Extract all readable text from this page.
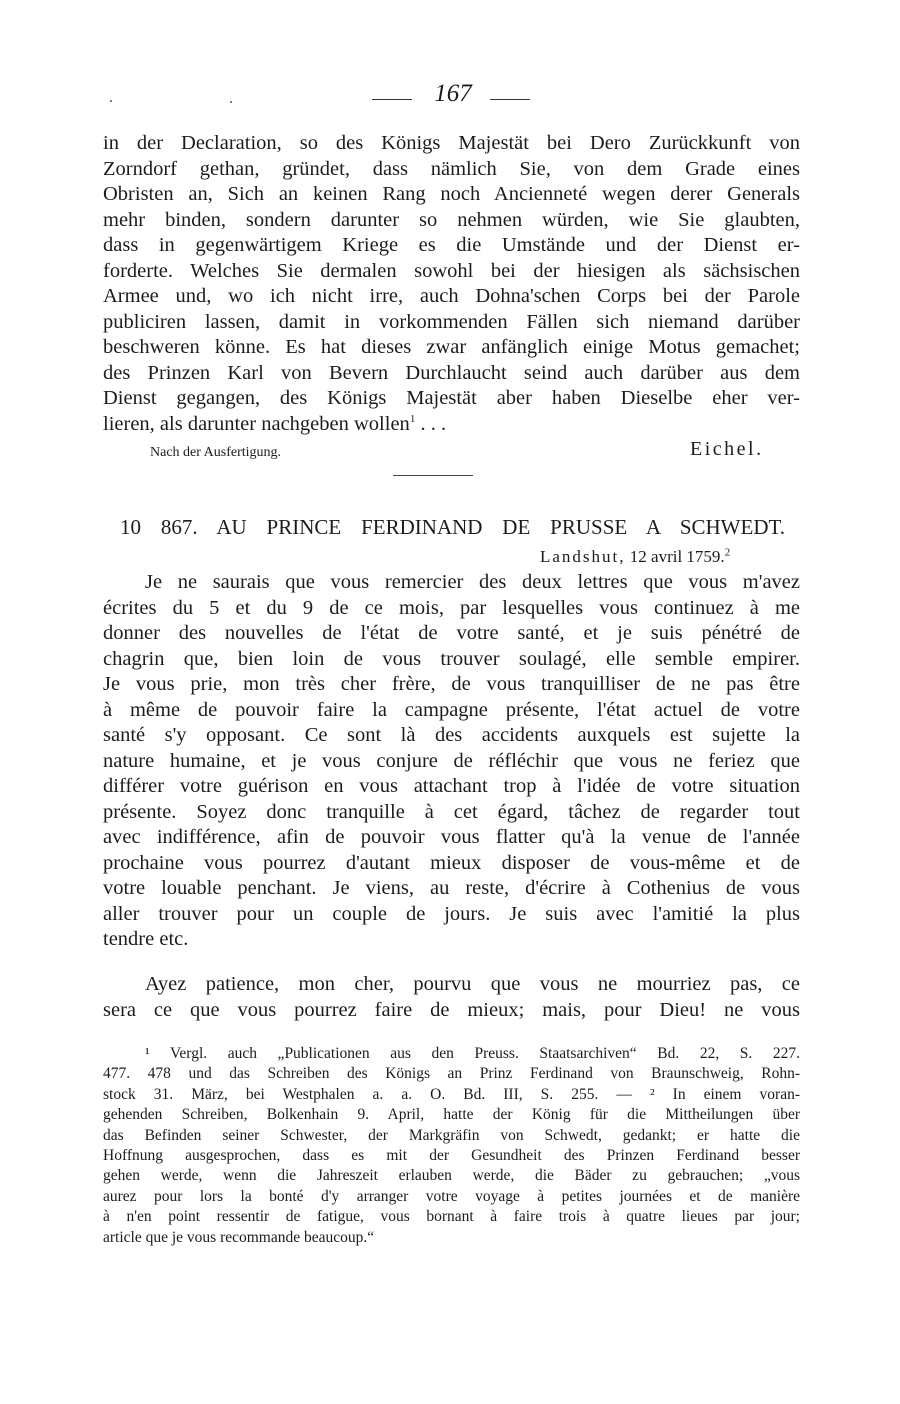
167
in der Declaration, so des Königs Majestät bei Dero Zurückkunft von
Zorndorf gethan, gründet, dass nämlich Sie, von dem Grade eines
Obristen an, Sich an keinen Rang noch Ancienneté wegen derer Generals
mehr binden, sondern darunter so nehmen würden, wie Sie glaubten,
dass in gegenwärtigem Kriege es die Umstände und der Dienst er-
forderte. Welches Sie dermalen sowohl bei der hiesigen als sächsischen
Armee und, wo ich nicht irre, auch Dohna'schen Corps bei der Parole
publiciren lassen, damit in vorkommenden Fällen sich niemand darüber
beschweren könne. Es hat dieses zwar anfänglich einige Motus gemachet;
des Prinzen Karl von Bevern Durchlaucht seind auch darüber aus dem
Dienst gegangen, des Königs Majestät aber haben Dieselbe eher ver-
lieren, als darunter nachgeben wollen$^1$ . . .
Nach der Ausfertigung.	Eichel.
10 867. AU PRINCE FERDINAND DE PRUSSE A SCHWEDT.
Landshut, 12 avril 1759.$^2$
Je ne saurais que vous remercier des deux lettres que vous m'avez
écrites du 5 et du 9 de ce mois, par lesquelles vous continuez à me
donner des nouvelles de l'état de votre santé, et je suis pénétré de
chagrin que, bien loin de vous trouver soulagé, elle semble empirer.
Je vous prie, mon très cher frère, de vous tranquilliser de ne pas être
à même de pouvoir faire la campagne présente, l'état actuel de votre
santé s'y opposant. Ce sont là des accidents auxquels est sujette la
nature humaine, et je vous conjure de réfléchir que vous ne feriez que
différer votre guérison en vous attachant trop à l'idée de votre situation
présente. Soyez donc tranquille à cet égard, tâchez de regarder tout
avec indifférence, afin de pouvoir vous flatter qu'à la venue de l'année
prochaine vous pourrez d'autant mieux disposer de vous-même et de
votre louable penchant. Je viens, au reste, d'écrire à Cothenius de vous
aller trouver pour un couple de jours. Je suis avec l'amitié la plus
tendre etc.
Ayez patience, mon cher, pourvu que vous ne mourriez pas, ce
sera ce que vous pourrez faire de mieux; mais, pour Dieu! ne vous
¹ Vergl. auch „Publicationen aus den Preuss. Staatsarchiven“ Bd. 22, S. 227.
477. 478 und das Schreiben des Königs an Prinz Ferdinand von Braunschweig, Rohn-
stock 31. März, bei Westphalen a. a. O. Bd. III, S. 255. — ² In einem voran-
gehenden Schreiben, Bolkenhain 9. April, hatte der König für die Mittheilungen über
das Befinden seiner Schwester, der Markgräfin von Schwedt, gedankt; er hatte die
Hoffnung ausgesprochen, dass es mit der Gesundheit des Prinzen Ferdinand besser
gehen werde, wenn die Jahreszeit erlauben werde, die Bäder zu gebrauchen; „vous
aurez pour lors la bonté d'y arranger votre voyage à petites journées et de manière
à n'en point ressentir de fatigue, vous bornant à faire trois à quatre lieues par jour;
article que je vous recommande beaucoup.“
